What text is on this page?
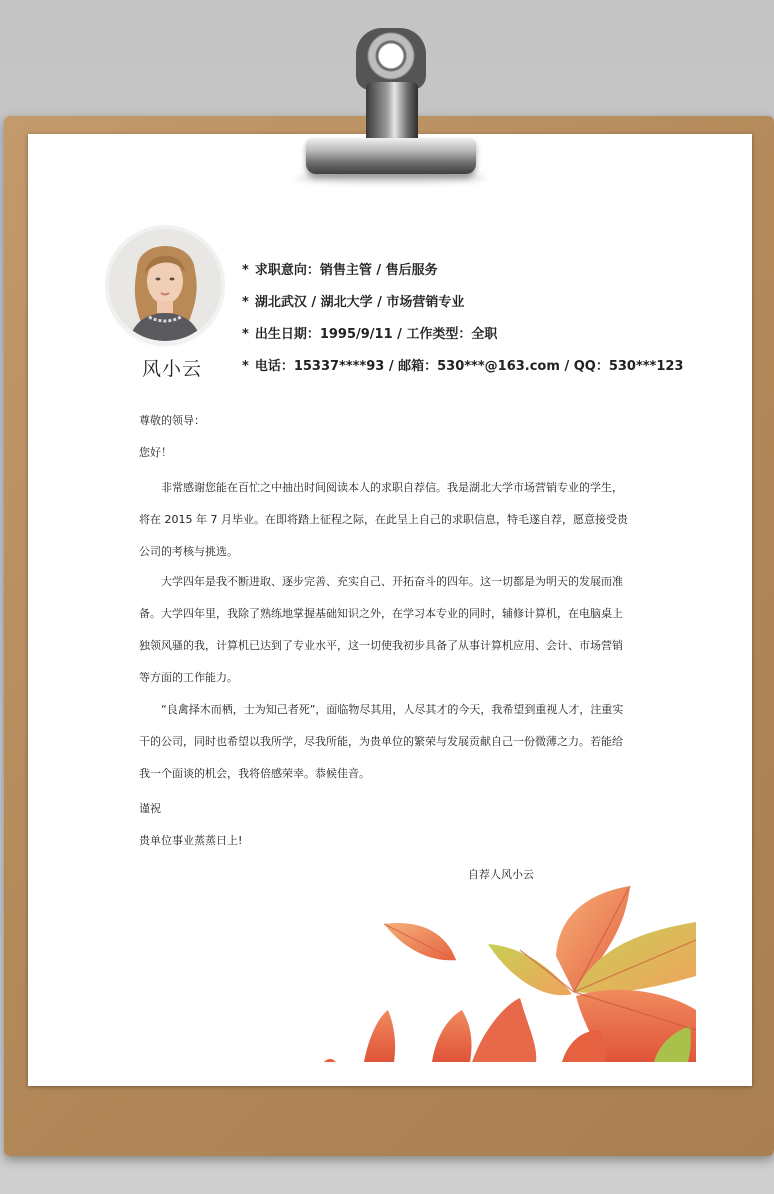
风小云
* 求职意向：销售主管 / 售后服务
* 湖北武汉 / 湖北大学 / 市场营销专业
* 出生日期：1995/9/11 / 工作类型：全职
* 电话：15337****93 / 邮箱：530***@163.com / QQ：530***123
尊敬的领导：
您好！
非常感谢您能在百忙之中抽出时间阅读本人的求职自荐信。我是湖北大学市场营销专业的学生，将在 2015 年 7 月毕业。在即将踏上征程之际，在此呈上自己的求职信息，特毛遂自荐，愿意接受贵公司的考核与挑选。
大学四年是我不断进取、逐步完善、充实自己、开拓奋斗的四年。这一切都是为明天的发展而准备。大学四年里，我除了熟练地掌握基础知识之外，在学习本专业的同时，辅修计算机，在电脑桌上独领风骚的我，计算机已达到了专业水平，这一切使我初步具备了从事计算机应用、会计、市场营销等方面的工作能力。
“良禽择木而栖，士为知己者死”，面临物尽其用，人尽其才的今天，我希望到重视人才，注重实干的公司，同时也希望以我所学，尽我所能，为贵单位的繁荣与发展贡献自己一份微薄之力。若能给我一个面谈的机会，我将倍感荣幸。恭候佳音。
谨祝
贵单位事业蒸蒸日上!
自荐人风小云
